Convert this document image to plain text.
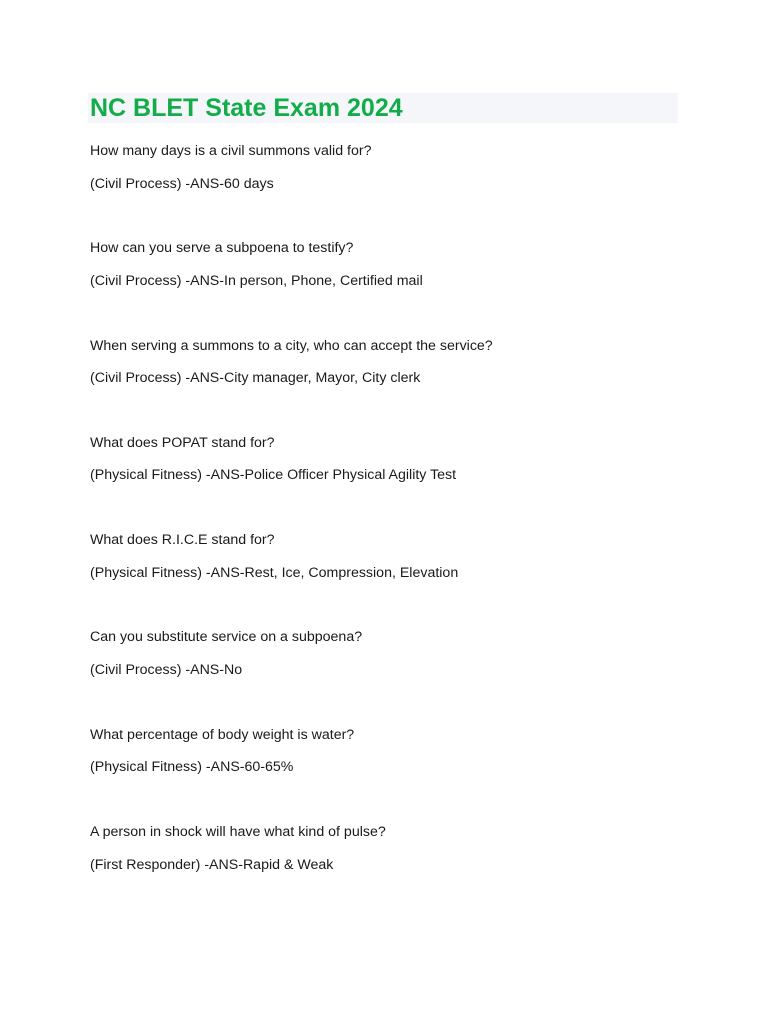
NC BLET State Exam 2024
How many days is a civil summons valid for?
(Civil Process) -ANS-60 days
How can you serve a subpoena to testify?
(Civil Process) -ANS-In person, Phone, Certified mail
When serving a summons to a city, who can accept the service?
(Civil Process) -ANS-City manager, Mayor, City clerk
What does POPAT stand for?
(Physical Fitness) -ANS-Police Officer Physical Agility Test
What does R.I.C.E stand for?
(Physical Fitness) -ANS-Rest, Ice, Compression, Elevation
Can you substitute service on a subpoena?
(Civil Process) -ANS-No
What percentage of body weight is water?
(Physical Fitness) -ANS-60-65%
A person in shock will have what kind of pulse?
(First Responder) -ANS-Rapid & Weak
